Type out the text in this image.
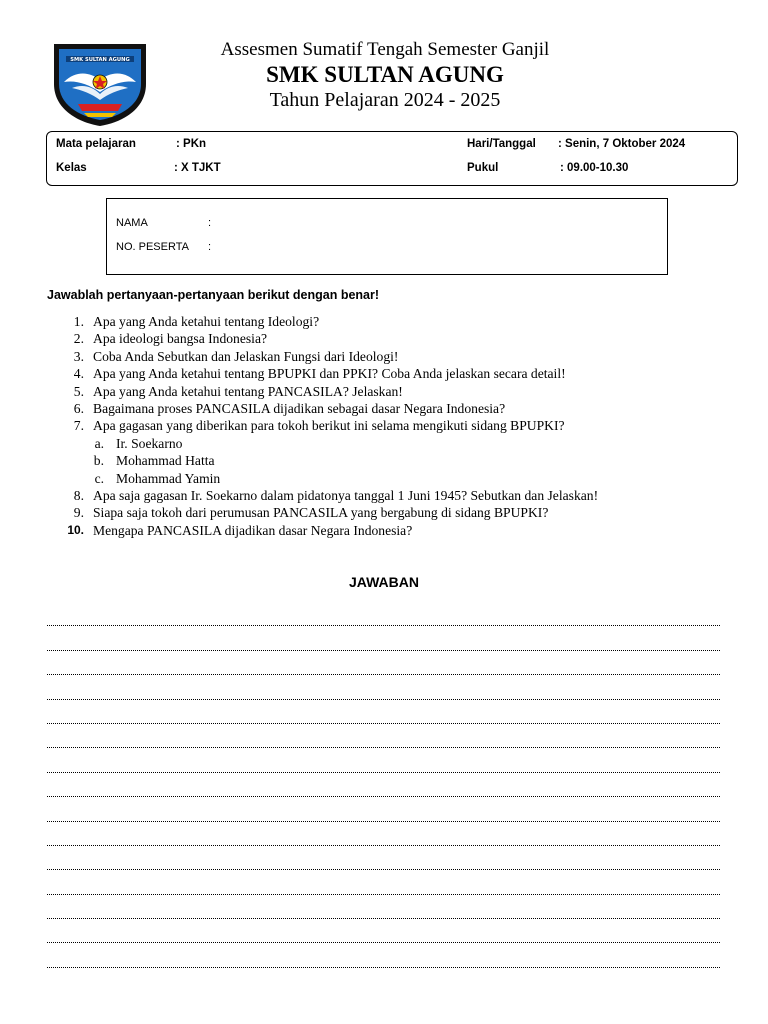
SMK SULTAN AGUNG	Assesmen Sumatif Tengah Semester Ganjil
SMK SULTAN AGUNG
Tahun Pelajaran 2024 - 2025
Mata pelajaran	: PKn
Kelas	: X TJKT
Hari/Tanggal : Senin, 7 Oktober 2024
Pukul	: 09.00-10.30
NAMA	:
NO. PESERTA :
Jawablah pertanyaan-pertanyaan berikut dengan benar!
1. Apa yang Anda ketahui tentang Ideologi?
2. Apa ideologi bangsa Indonesia?
3. Coba Anda Sebutkan dan Jelaskan Fungsi dari Ideologi!
4. Apa yang Anda ketahui tentang BPUPKI dan PPKI? Coba Anda jelaskan secara detail!
5. Apa yang Anda ketahui tentang PANCASILA? Jelaskan!
6. Bagaimana proses PANCASILA dijadikan sebagai dasar Negara Indonesia?
7. Apa gagasan yang diberikan para tokoh berikut ini selama mengikuti sidang BPUPKI?
a. Ir. Soekarno
b. Mohammad Hatta
c. Mohammad Yamin
8. Apa saja gagasan Ir. Soekarno dalam pidatonya tanggal 1 Juni 1945? Sebutkan dan Jelaskan!
9. Siapa saja tokoh dari perumusan PANCASILA yang bergabung di sidang BPUPKI?
10. Mengapa PANCASILA dijadikan dasar Negara Indonesia?
JAWABAN
